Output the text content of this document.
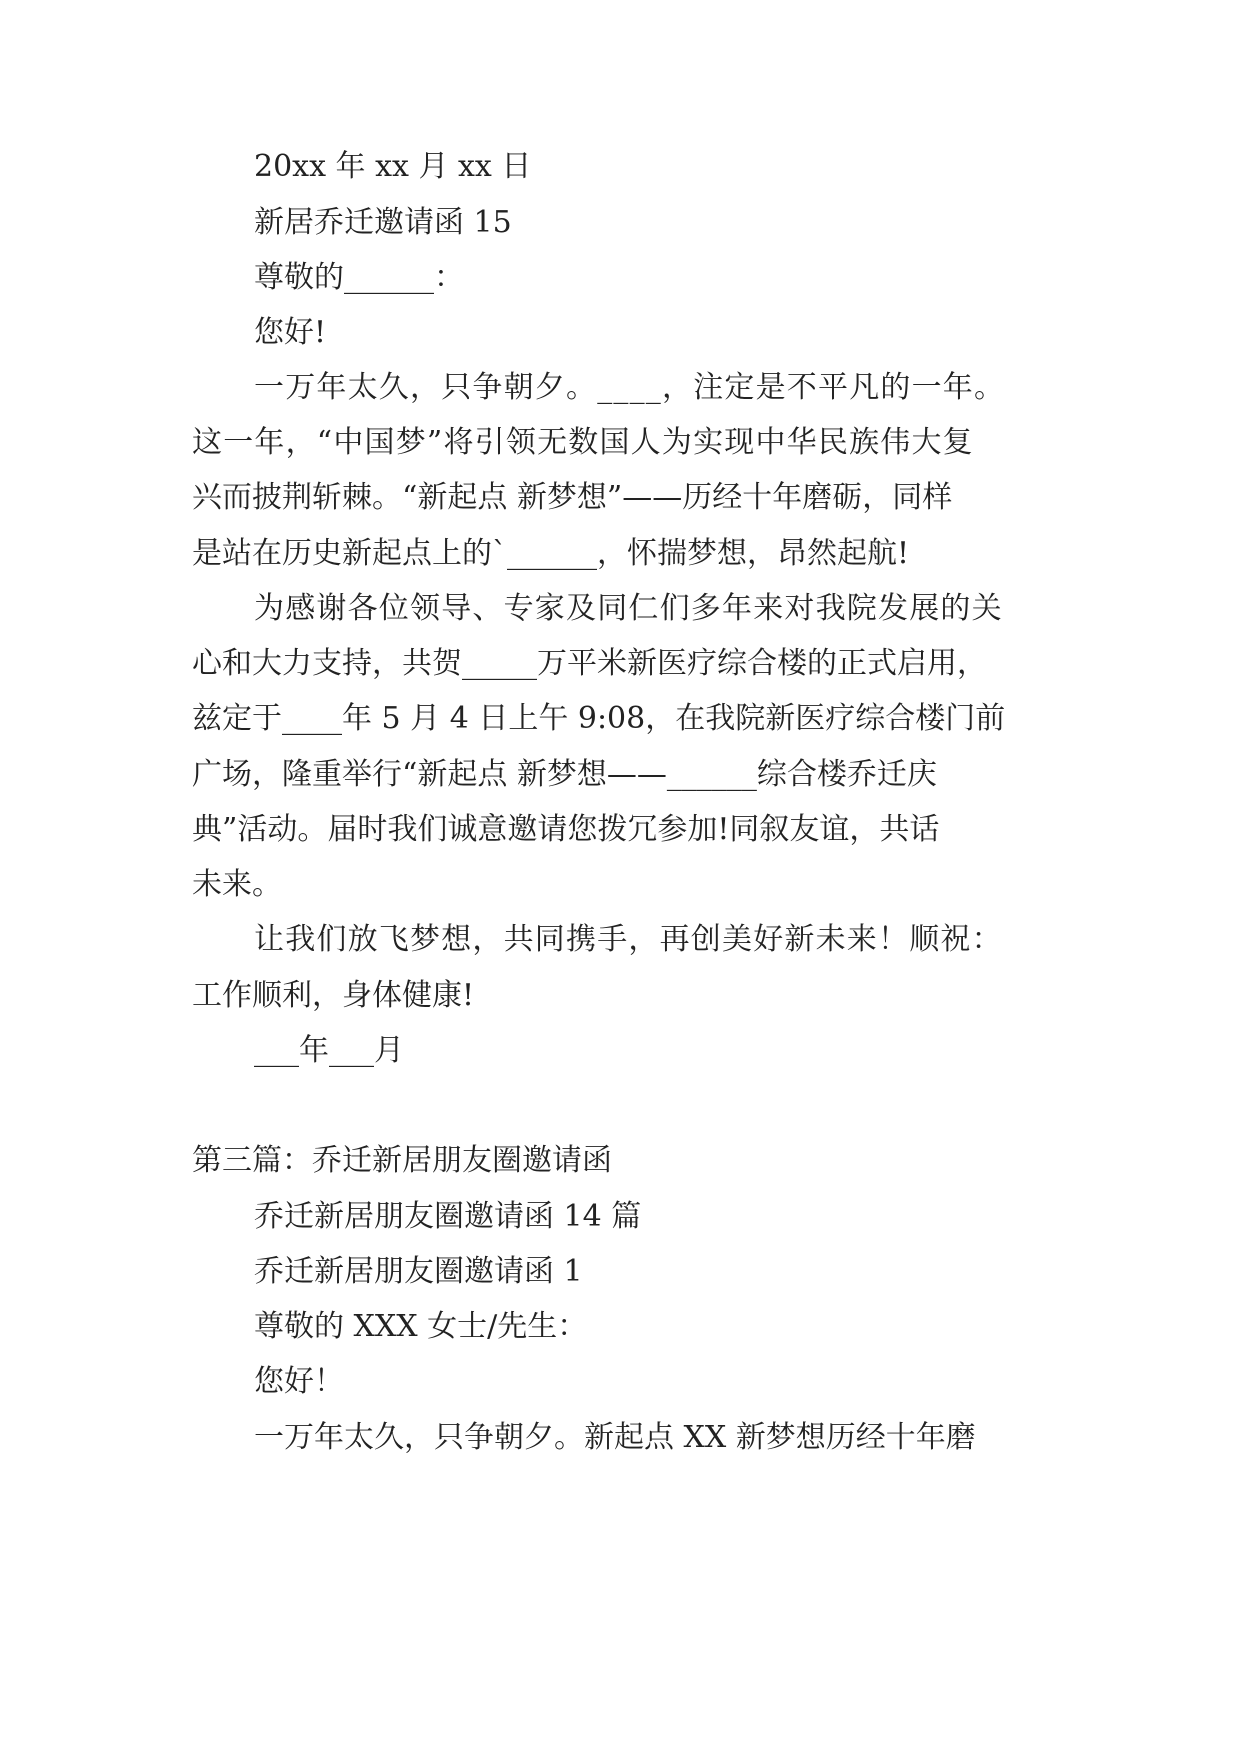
20xx 年 xx 月 xx 日
新居乔迁邀请函 15
尊敬的______：
您好!
一万年太久，只争朝夕。____，注定是不平凡的一年。
这一年，“中国梦”将引领无数国人为实现中华民族伟大复
兴而披荆斩棘。“新起点 新梦想”——历经十年磨砺，同样
是站在历史新起点上的`______，怀揣梦想，昂然起航!
为感谢各位领导、专家及同仁们多年来对我院发展的关
心和大力支持，共贺_____万平米新医疗综合楼的正式启用，
兹定于____年 5 月 4 日上午 9:08，在我院新医疗综合楼门前
广场，隆重举行“新起点 新梦想——______综合楼乔迁庆
典”活动。届时我们诚意邀请您拨冗参加!同叙友谊，共话
未来。
让我们放飞梦想，共同携手，再创美好新未来！顺祝：
工作顺利，身体健康!
___年___月
第三篇：乔迁新居朋友圈邀请函
乔迁新居朋友圈邀请函 14 篇
乔迁新居朋友圈邀请函 1
尊敬的 XXX 女士/先生：
您好！
一万年太久，只争朝夕。新起点 XX 新梦想历经十年磨
